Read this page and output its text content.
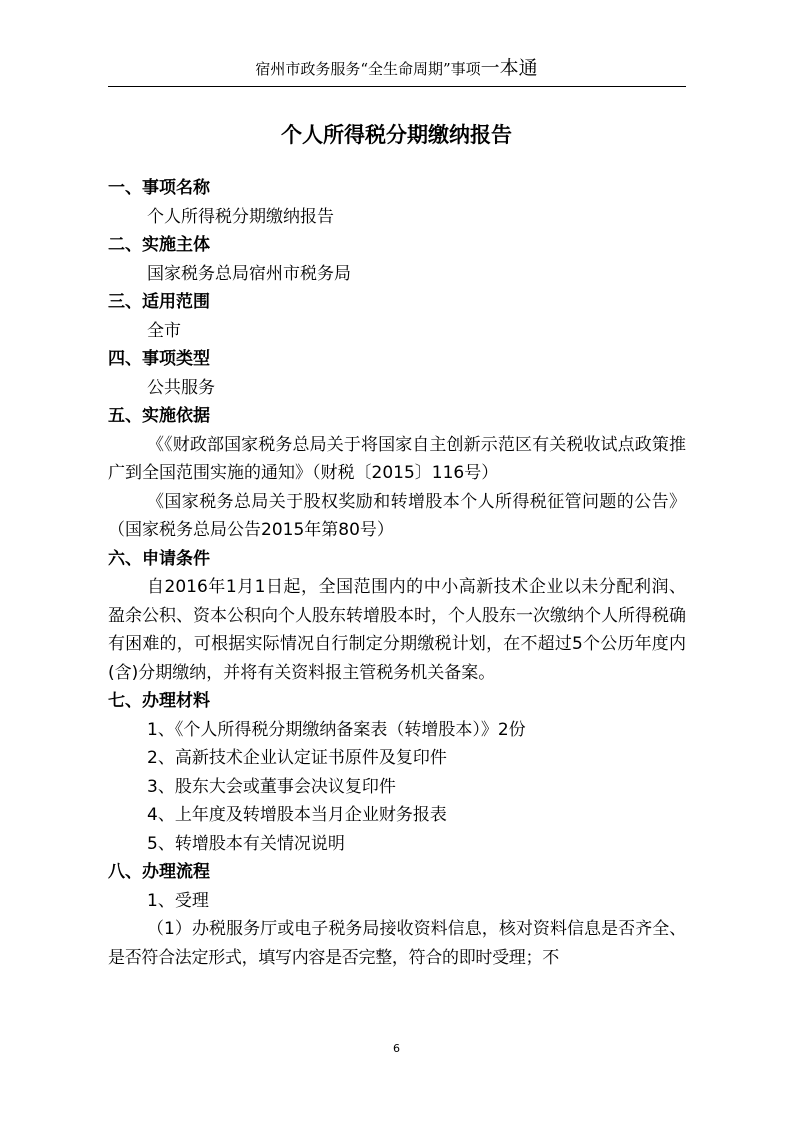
宿州市政务服务“全生命周期”事项一本通
个人所得税分期缴纳报告

一、事项名称

个人所得税分期缴纳报告

二、实施主体

国家税务总局宿州市税务局

三、适用范围

全市

四、事项类型

公共服务

五、实施依据

《《财政部国家税务总局关于将国家自主创新示范区有关税收试点政策推广到全国范围实施的通知》（财税〔2015〕116号）

《国家税务总局关于股权奖励和转增股本个人所得税征管问题的公告》（国家税务总局公告2015年第80号）

六、申请条件

自2016年1月1日起，全国范围内的中小高新技术企业以未分配利润、盈余公积、资本公积向个人股东转增股本时，个人股东一次缴纳个人所得税确有困难的，可根据实际情况自行制定分期缴税计划，在不超过5个公历年度内(含)分期缴纳，并将有关资料报主管税务机关备案。

七、办理材料

1、《个人所得税分期缴纳备案表（转增股本）》2份

2、高新技术企业认定证书原件及复印件

3、股东大会或董事会决议复印件

4、上年度及转增股本当月企业财务报表

5、转增股本有关情况说明

八、办理流程

1、受理

（1）办税服务厅或电子税务局接收资料信息，核对资料信息是否齐全、是否符合法定形式，填写内容是否完整，符合的即时受理；不

6
